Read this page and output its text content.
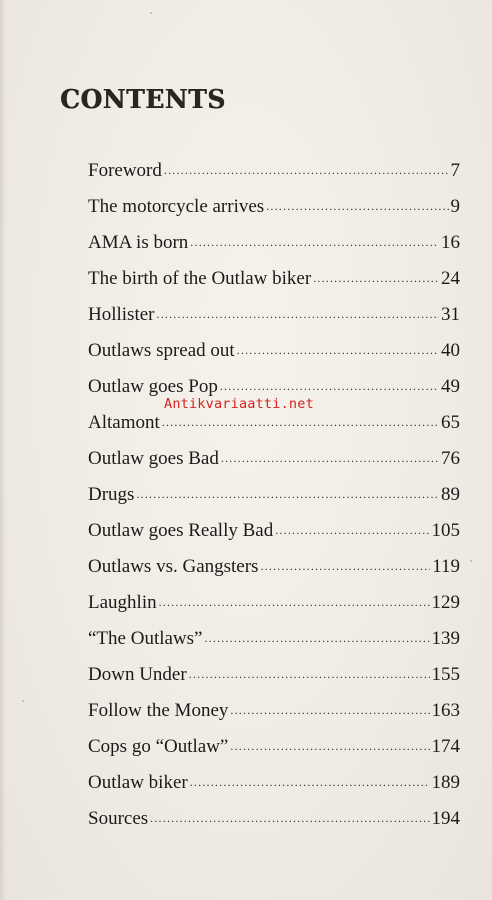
CONTENTS
Foreword .....	7
The motorcycle arrives .....	9
AMA is born .....	16
The birth of the Outlaw biker .....	24
Hollister .....	31
Outlaws spread out .....	40
Outlaw goes Pop .....	49
Altamont .....	65
Outlaw goes Bad .....	76
Drugs .....	89
Outlaw goes Really Bad .....	105
Outlaws vs. Gangsters .....	119
Laughlin .....	129
“The Outlaws” .....	139
Down Under .....	155
Follow the Money .....	163
Cops go “Outlaw” .....	174
Outlaw biker .....	189
Sources .....	194
Antikvariaatti.net
